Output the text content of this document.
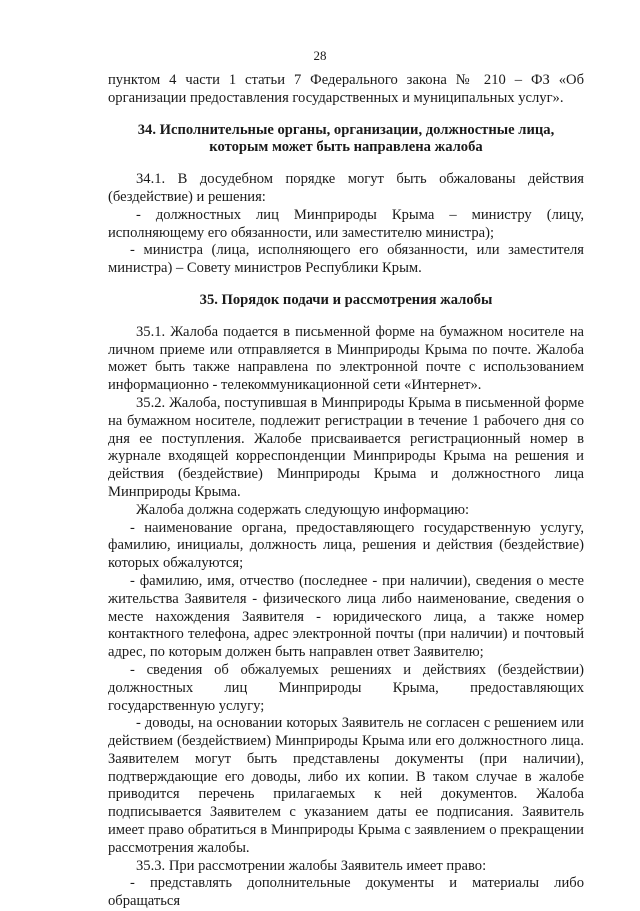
28

пунктом 4 части 1 статьи 7 Федерального закона № 210 – ФЗ «Об организации предоставления государственных и муниципальных услуг».

34. Исполнительные органы, организации, должностные лица,

которым может быть направлена жалоба

34.1. В досудебном порядке могут быть обжалованы действия (бездействие) и решения:

- должностных лиц Минприроды Крыма – министру (лицу, исполняющему его обязанности, или заместителю министра);

- министра (лица, исполняющего его обязанности, или заместителя министра) – Совету министров Республики Крым.

35. Порядок подачи и рассмотрения жалобы

35.1. Жалоба подается в письменной форме на бумажном носителе на личном приеме или отправляется в Минприроды Крыма по почте. Жалоба может быть также направлена по электронной почте с использованием информационно - телекоммуникационной сети «Интернет».

35.2. Жалоба, поступившая в Минприроды Крыма в письменной форме на бумажном носителе, подлежит регистрации в течение 1 рабочего дня со дня ее поступления. Жалобе присваивается регистрационный номер в журнале входящей корреспонденции Минприроды Крыма на решения и действия (бездействие) Минприроды Крыма и должностного лица Минприроды Крыма.

Жалоба должна содержать следующую информацию:

- наименование органа, предоставляющего государственную услугу, фамилию, инициалы, должность лица, решения и действия (бездействие) которых обжалуются;

- фамилию, имя, отчество (последнее - при наличии), сведения о месте жительства Заявителя - физического лица либо наименование, сведения о месте нахождения Заявителя - юридического лица, а также номер контактного телефона, адрес электронной почты (при наличии) и почтовый адрес, по которым должен быть направлен ответ Заявителю;

- сведения об обжалуемых решениях и действиях (бездействии) должностных лиц Минприроды Крыма, предоставляющих государственную услугу;

- доводы, на основании которых Заявитель не согласен с решением или действием (бездействием) Минприроды Крыма или его должностного лица. Заявителем могут быть представлены документы (при наличии), подтверждающие его доводы, либо их копии. В таком случае в жалобе приводится перечень прилагаемых к ней документов. Жалоба подписывается Заявителем с указанием даты ее подписания. Заявитель имеет право обратиться в Минприроды Крыма с заявлением о прекращении рассмотрения жалобы.

35.3. При рассмотрении жалобы Заявитель имеет право:

- представлять дополнительные документы и материалы либо обращаться
